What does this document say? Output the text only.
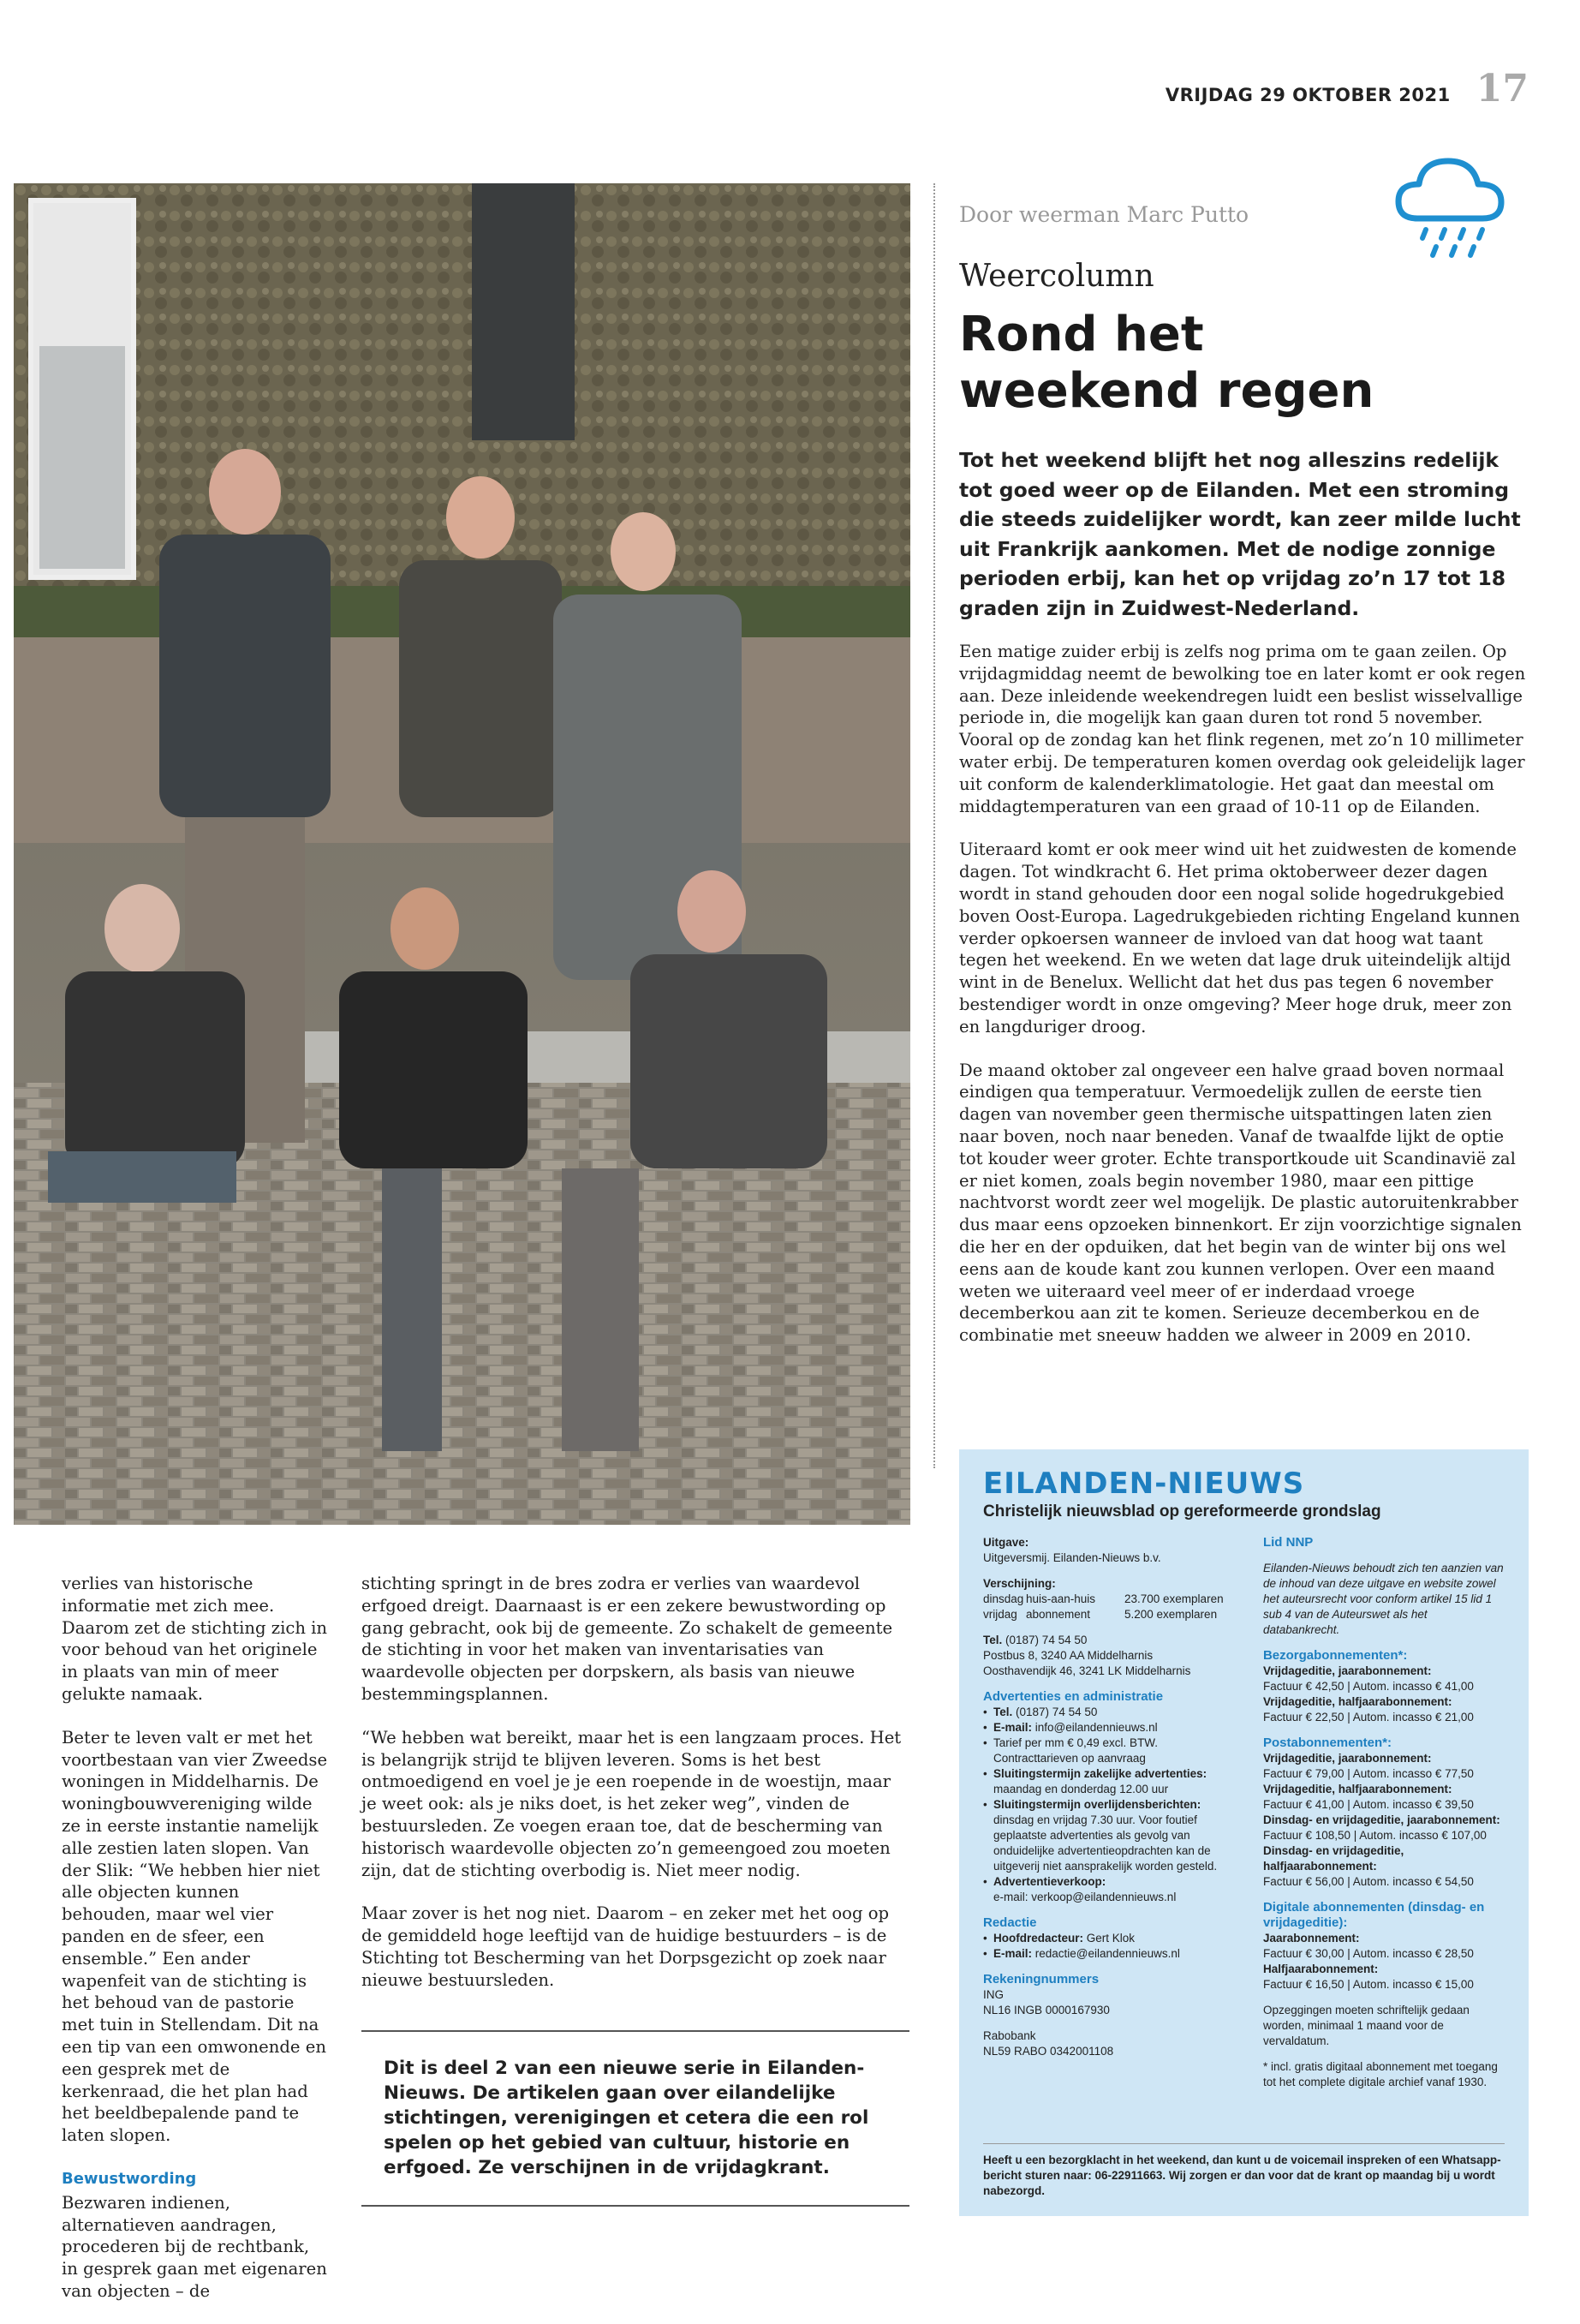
VRIJDAG 29 OKTOBER 2021 17
Door weerman Marc Putto
Weercolumn
Rond het weekend regen

Tot het weekend blijft het nog alleszins redelijk tot goed weer op de Eilanden. Met een stroming die steeds zuidelijker wordt, kan zeer milde lucht uit Frankrijk aankomen. Met de nodige zonnige perioden erbij, kan het op vrijdag zo’n 17 tot 18 graden zijn in Zuidwest-Nederland.

Een matige zuider erbij is zelfs nog prima om te gaan zeilen. Op vrijdagmiddag neemt de bewolking toe en later komt er ook regen aan. Deze inleidende weekendregen luidt een beslist wisselvallige periode in, die mogelijk kan gaan duren tot rond 5 november. Vooral op de zondag kan het flink regenen, met zo’n 10 millimeter water erbij. De temperaturen komen overdag ook geleidelijk lager uit conform de kalenderklimatologie. Het gaat dan meestal om middagtemperaturen van een graad of 10-11 op de Eilanden.

Uiteraard komt er ook meer wind uit het zuidwesten de komende dagen. Tot windkracht 6. Het prima oktoberweer dezer dagen wordt in stand gehouden door een nogal solide hogedrukgebied boven Oost-Europa. Lagedrukgebieden richting Engeland kunnen verder opkoersen wanneer de invloed van dat hoog wat taant tegen het weekend. En we weten dat lage druk uiteindelijk altijd wint in de Benelux. Wellicht dat het dus pas tegen 6 november bestendiger wordt in onze omgeving? Meer hoge druk, meer zon en langduriger droog.

De maand oktober zal ongeveer een halve graad boven normaal eindigen qua temperatuur. Vermoedelijk zullen de eerste tien dagen van november geen thermische uitspattingen laten zien naar boven, noch naar beneden. Vanaf de twaalfde lijkt de optie tot kouder weer groter. Echte transportkoude uit Scandinavië zal er niet komen, zoals begin november 1980, maar een pittige nachtvorst wordt zeer wel mogelijk. De plastic autoruitenkrabber dus maar eens opzoeken binnenkort. Er zijn voorzichtige signalen die her en der opduiken, dat het begin van de winter bij ons wel eens aan de koude kant zou kunnen verlopen. Over een maand weten we uiteraard veel meer of er inderdaad vroege decemberkou aan zit te komen. Serieuze decemberkou en de combinatie met sneeuw hadden we alweer in 2009 en 2010.

verlies van historische informatie met zich mee. Daarom zet de stichting zich in voor behoud van het originele in plaats van min of meer gelukte namaak.

Beter te leven valt er met het voortbestaan van vier Zweedse woningen in Middelharnis. De woningbouwvereniging wilde ze in eerste instantie namelijk alle zestien laten slopen. Van der Slik: “We hebben hier niet alle objecten kunnen behouden, maar wel vier panden en de sfeer, een ensemble.” Een ander wapenfeit van de stichting is het behoud van de pastorie met tuin in Stellendam. Dit na een tip van een omwonende en een gesprek met de kerkenraad, die het plan had het beeldbepalende pand te laten slopen.

Bewustwording

Bezwaren indienen, alternatieven aandragen, procederen bij de rechtbank, in gesprek gaan met eigenaren van objecten – de

stichting springt in de bres zodra er verlies van waardevol erfgoed dreigt. Daarnaast is er een zekere bewustwording op gang gebracht, ook bij de gemeente. Zo schakelt de gemeente de stichting in voor het maken van inventarisaties van waardevolle objecten per dorpskern, als basis van nieuwe bestemmingsplannen.

“We hebben wat bereikt, maar het is een langzaam proces. Het is belangrijk strijd te blijven leveren. Soms is het best ontmoedigend en voel je je een roepende in de woestijn, maar je weet ook: als je niks doet, is het zeker weg”, vinden de bestuursleden. Ze voegen eraan toe, dat de bescherming van historisch waardevolle objecten zo’n gemeengoed zou moeten zijn, dat de stichting overbodig is. Niet meer nodig.

Maar zover is het nog niet. Daarom – en zeker met het oog op de gemiddeld hoge leeftijd van de huidige bestuurders – is de Stichting tot Bescherming van het Dorpsgezicht op zoek naar nieuwe bestuursleden.

Dit is deel 2 van een nieuwe serie in Eilanden-Nieuws. De artikelen gaan over eilandelijke stichtingen, verenigingen et cetera die een rol spelen op het gebied van cultuur, historie en erfgoed. Ze verschijnen in de vrijdagkrant.
EILANDEN-NIEUWS
Christelijk nieuwsblad op gereformeerde grondslag
Uitgave:
Uitgeversmij. Eilanden-Nieuws b.v.
Verschijning:
dinsdag huis-aan-huis	23.700 exemplaren
vrijdag abonnement	5.200 exemplaren
Tel. (0187) 74 54 50
Postbus 8, 3240 AA Middelharnis
Oosthavendijk 46, 3241 LK Middelharnis
Advertenties en administratie
• Tel. (0187) 74 54 50
• E-mail: info@eilandennieuws.nl
• Tarief per mm € 0,49 excl. BTW.
Contracttarieven op aanvraag
• Sluitingstermijn zakelijke advertenties:
maandag en donderdag 12.00 uur
• Sluitingstermijn overlijdensberichten:
dinsdag en vrijdag 7.30 uur. Voor foutief geplaatste advertenties als gevolg van onduidelijke advertentieopdrachten kan de uitgeverij niet aansprakelijk worden gesteld.
• Advertentieverkoop:
e-mail: verkoop@eilandennieuws.nl
Redactie
• Hoofdredacteur: Gert Klok
• E-mail: redactie@eilandennieuws.nl
Rekeningnummers
ING
NL16 INGB 0000167930
Rabobank
NL59 RABO 0342001108
Lid NNP
Eilanden-Nieuws behoudt zich ten aanzien van de inhoud van deze uitgave en website zowel het auteursrecht voor conform artikel 15 lid 1 sub 4 van de Auteurswet als het databankrecht.
Bezorgabonnementen*:
Vrijdageditie, jaarabonnement:
Factuur € 42,50 | Autom. incasso € 41,00
Vrijdageditie, halfjaarabonnement:
Factuur € 22,50 | Autom. incasso € 21,00
Postabonnementen*:
Vrijdageditie, jaarabonnement:
Factuur € 79,00 | Autom. incasso € 77,50
Vrijdageditie, halfjaarabonnement:
Factuur € 41,00 | Autom. incasso € 39,50
Dinsdag- en vrijdageditie, jaarabonnement:
Factuur € 108,50 | Autom. incasso € 107,00
Dinsdag- en vrijdageditie, halfjaarabonnement:
Factuur € 56,00 | Autom. incasso € 54,50
Digitale abonnementen (dinsdag- en vrijdageditie):
Jaarabonnement:
Factuur € 30,00 | Autom. incasso € 28,50
Halfjaarabonnement:
Factuur € 16,50 | Autom. incasso € 15,00
Opzeggingen moeten schriftelijk gedaan worden, minimaal 1 maand voor de vervaldatum.
* incl. gratis digitaal abonnement met toegang tot het complete digitale archief vanaf 1930.
Heeft u een bezorgklacht in het weekend, dan kunt u de voicemail inspreken of een Whatsapp-bericht sturen naar: 06-22911663. Wij zorgen er dan voor dat de krant op maandag bij u wordt nabezorgd.
